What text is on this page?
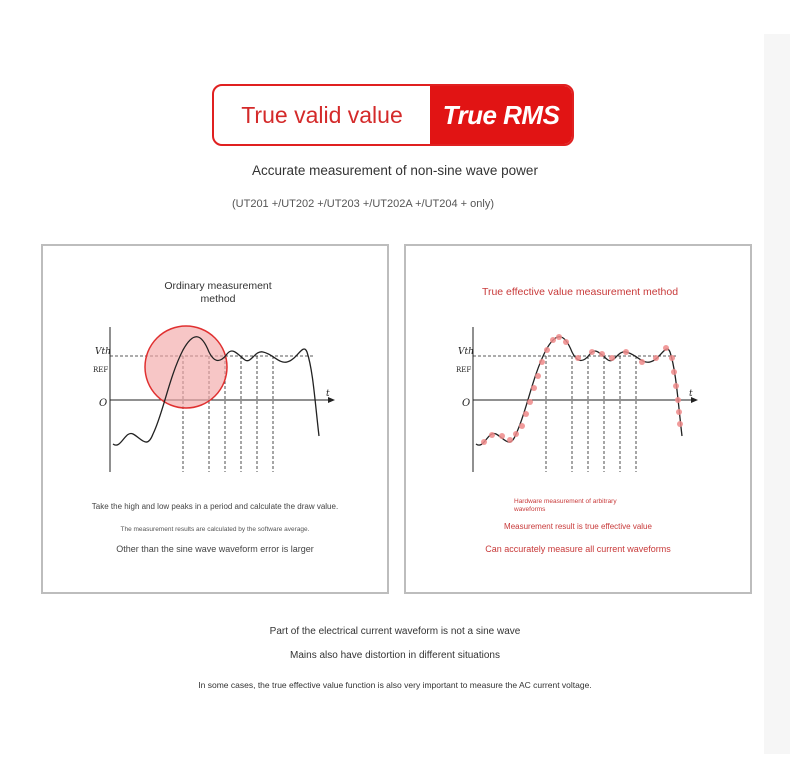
True valid value	True RMS
Accurate measurement of non-sine wave power
(UT201 +/UT202 +/UT203 +/UT202A +/UT204 + only)
Ordinary measurement method
Vth
REF
O
t
Take the high and low peaks in a period and calculate the draw value.
The measurement results are calculated by the software average.
Other than the sine wave waveform error is larger
True effective value measurement method
Vth
REF
O
t
Hardware measurement of arbitrary waveforms
Measurement result is true effective value
Can accurately measure all current waveforms
Part of the electrical current waveform is not a sine wave
Mains also have distortion in different situations
In some cases, the true effective value function is also very important to measure the AC current voltage.
